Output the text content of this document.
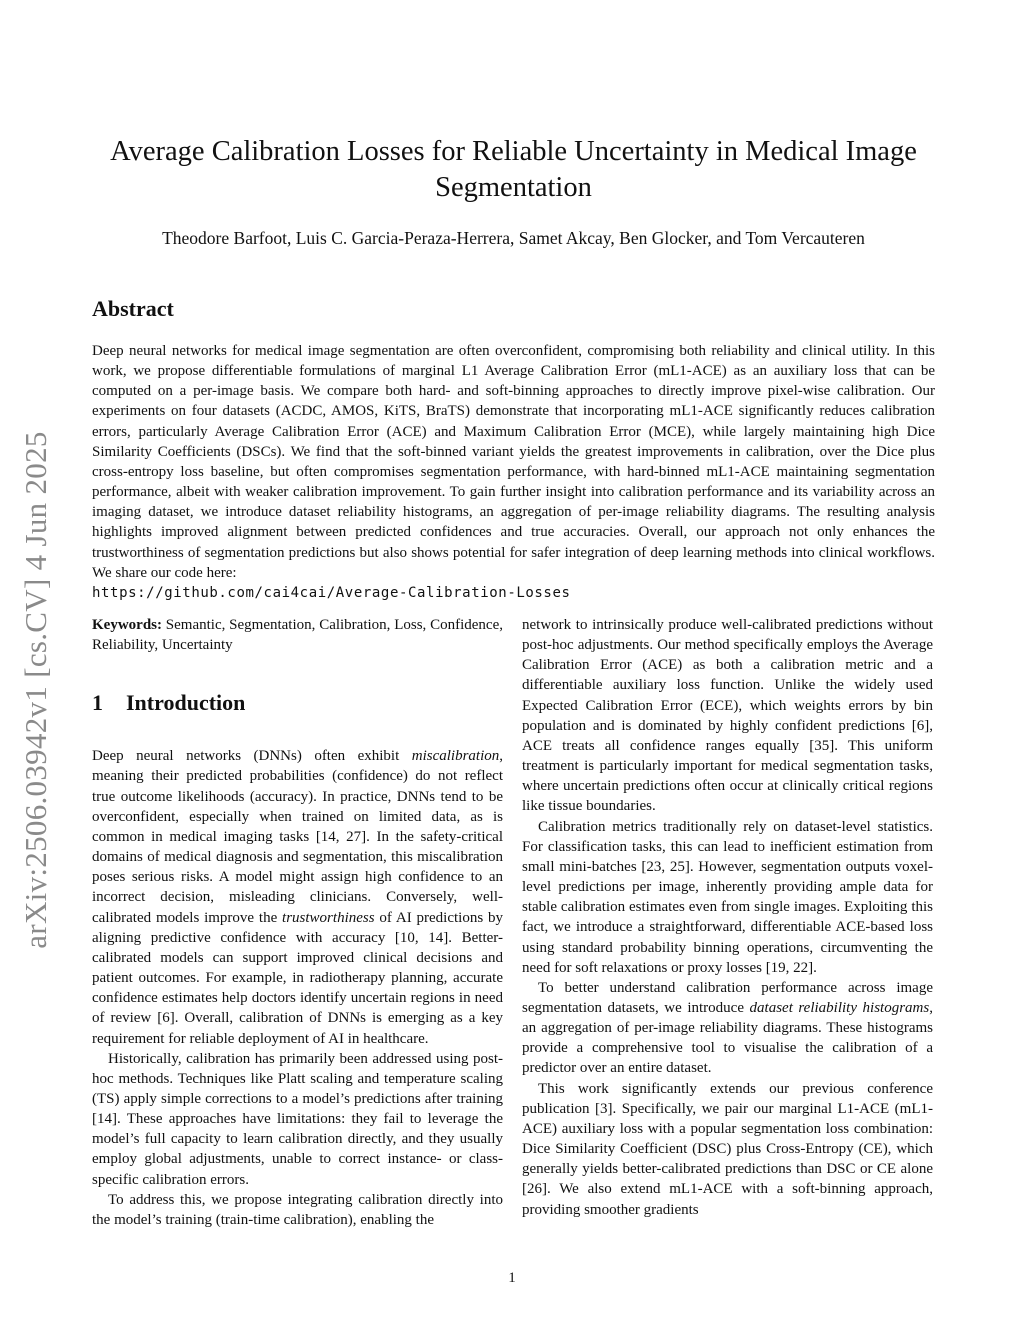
arXiv:2506.03942v1 [cs.CV] 4 Jun 2025
Average Calibration Losses for Reliable Uncertainty in Medical Image Segmentation
Theodore Barfoot, Luis C. Garcia-Peraza-Herrera, Samet Akcay, Ben Glocker, and Tom Vercauteren
Abstract

Deep neural networks for medical image segmentation are often overconfident, compromising both reliability and clinical utility. In this work, we propose differentiable formulations of marginal L1 Average Calibration Error (mL1-ACE) as an auxiliary loss that can be computed on a per-image basis. We compare both hard- and soft-binning approaches to directly improve pixel-wise calibration. Our experiments on four datasets (ACDC, AMOS, KiTS, BraTS) demonstrate that incorporating mL1-ACE significantly reduces calibration errors, particularly Average Calibration Error (ACE) and Maximum Calibration Error (MCE), while largely maintaining high Dice Similarity Coefficients (DSCs). We find that the soft-binned variant yields the greatest improvements in calibration, over the Dice plus cross-entropy loss baseline, but often compromises segmentation performance, with hard-binned mL1-ACE maintaining segmentation performance, albeit with weaker calibration improvement. To gain further insight into calibration performance and its variability across an imaging dataset, we introduce dataset reliability histograms, an aggregation of per-image reliability diagrams. The resulting analysis highlights improved alignment between predicted confidences and true accuracies. Overall, our approach not only enhances the trustworthiness of segmentation predictions but also shows potential for safer integration of deep learning methods into clinical workflows. We share our code here:
https://github.com/cai4cai/Average-Calibration-Losses

Keywords: Semantic, Segmentation, Calibration, Loss, Confidence, Reliability, Uncertainty

1 Introduction

Deep neural networks (DNNs) often exhibit miscalibration, meaning their predicted probabilities (confidence) do not reflect true outcome likelihoods (accuracy). In practice, DNNs tend to be overconfident, especially when trained on limited data, as is common in medical imaging tasks [14, 27]. In the safety-critical domains of medical diagnosis and segmentation, this miscalibration poses serious risks. A model might assign high confidence to an incorrect decision, misleading clinicians. Conversely, well-calibrated models improve the trustworthiness of AI predictions by aligning predictive confidence with accuracy [10, 14]. Better-calibrated models can support improved clinical decisions and patient outcomes. For example, in radiotherapy planning, accurate confidence estimates help doctors identify uncertain regions in need of review [6]. Overall, calibration of DNNs is emerging as a key requirement for reliable deployment of AI in healthcare.

Historically, calibration has primarily been addressed using post-hoc methods. Techniques like Platt scaling and temperature scaling (TS) apply simple corrections to a model’s predictions after training [14]. These approaches have limitations: they fail to leverage the model’s full capacity to learn calibration directly, and they usually employ global adjustments, unable to correct instance- or class-specific calibration errors.

To address this, we propose integrating calibration directly into the model’s training (train-time calibration), enabling the

network to intrinsically produce well-calibrated predictions without post-hoc adjustments. Our method specifically employs the Average Calibration Error (ACE) as both a calibration metric and a differentiable auxiliary loss function. Unlike the widely used Expected Calibration Error (ECE), which weights errors by bin population and is dominated by highly confident predictions [6], ACE treats all confidence ranges equally [35]. This uniform treatment is particularly important for medical segmentation tasks, where uncertain predictions often occur at clinically critical regions like tissue boundaries.

Calibration metrics traditionally rely on dataset-level statistics. For classification tasks, this can lead to inefficient estimation from small mini-batches [23, 25]. However, segmentation outputs voxel-level predictions per image, inherently providing ample data for stable calibration estimates even from single images. Exploiting this fact, we introduce a straightforward, differentiable ACE-based loss using standard probability binning operations, circumventing the need for soft relaxations or proxy losses [19, 22].

To better understand calibration performance across image segmentation datasets, we introduce dataset reliability histograms, an aggregation of per-image reliability diagrams. These histograms provide a comprehensive tool to visualise the calibration of a predictor over an entire dataset.

This work significantly extends our previous conference publication [3]. Specifically, we pair our marginal L1-ACE (mL1-ACE) auxiliary loss with a popular segmentation loss combination: Dice Similarity Coefficient (DSC) plus Cross-Entropy (CE), which generally yields better-calibrated predictions than DSC or CE alone [26]. We also extend mL1-ACE with a soft-binning approach, providing smoother gradients

1
